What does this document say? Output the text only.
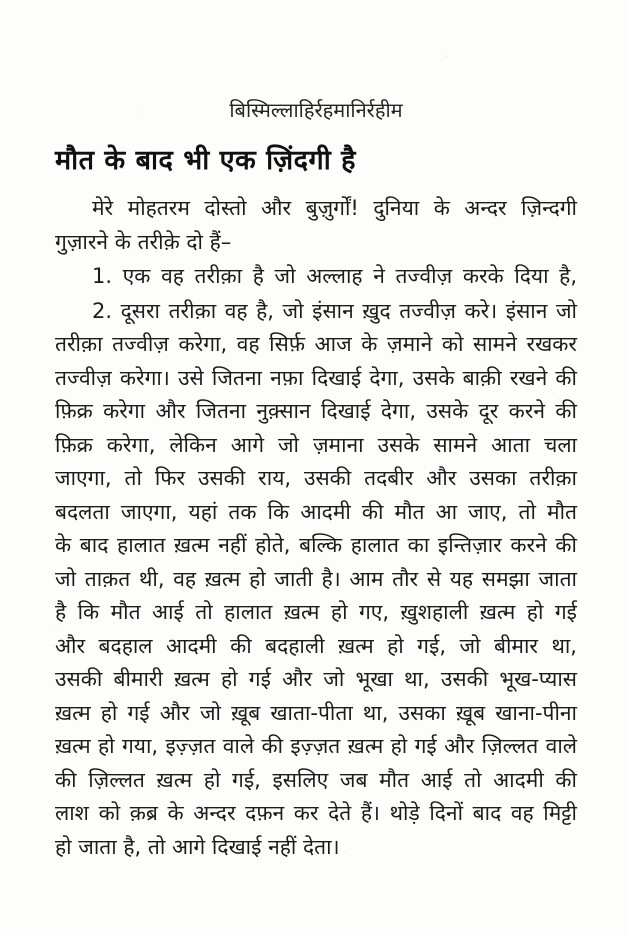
बिस्मिल्लाहिर्रहमानिर्रहीम
मौत के बाद भी एक ज़िंदगी है
मेरे मोहतरम दोस्तो और बुज़ुर्गों! दुनिया के अन्दर ज़िन्दगी
गुज़ारने के तरीक़े दो हैं–
1. एक वह तरीक़ा है जो अल्लाह ने तज्वीज़ करके दिया है,
2. दूसरा तरीक़ा वह है, जो इंसान ख़ुद तज्वीज़ करे। इंसान जो
तरीक़ा तज्वीज़ करेगा, वह सिर्फ़ आज के ज़माने को सामने रखकर
तज्वीज़ करेगा। उसे जितना नफ़ा दिखाई देगा, उसके बाक़ी रखने की
फ़िक्र करेगा और जितना नुक़्सान दिखाई देगा, उसके दूर करने की
फ़िक्र करेगा, लेकिन आगे जो ज़माना उसके सामने आता चला
जाएगा, तो फिर उसकी राय, उसकी तदबीर और उसका तरीक़ा
बदलता जाएगा, यहां तक कि आदमी की मौत आ जाए, तो मौत
के बाद हालात ख़त्म नहीं होते, बल्कि हालात का इन्तिज़ार करने की
जो ताक़त थी, वह ख़त्म हो जाती है। आम तौर से यह समझा जाता
है कि मौत आई तो हालात ख़त्म हो गए, ख़ुशहाली ख़त्म हो गई
और बदहाल आदमी की बदहाली ख़त्म हो गई, जो बीमार था,
उसकी बीमारी ख़त्म हो गई और जो भूखा था, उसकी भूख-प्यास
ख़त्म हो गई और जो ख़ूब खाता-पीता था, उसका ख़ूब खाना-पीना
ख़त्म हो गया, इज़्ज़त वाले की इज़्ज़त ख़त्म हो गई और ज़िल्लत वाले
की ज़िल्लत ख़त्म हो गई, इसलिए जब मौत आई तो आदमी की
लाश को क़ब्र के अन्दर दफ़न कर देते हैं। थोड़े दिनों बाद वह मिट्टी
हो जाता है, तो आगे दिखाई नहीं देता।
